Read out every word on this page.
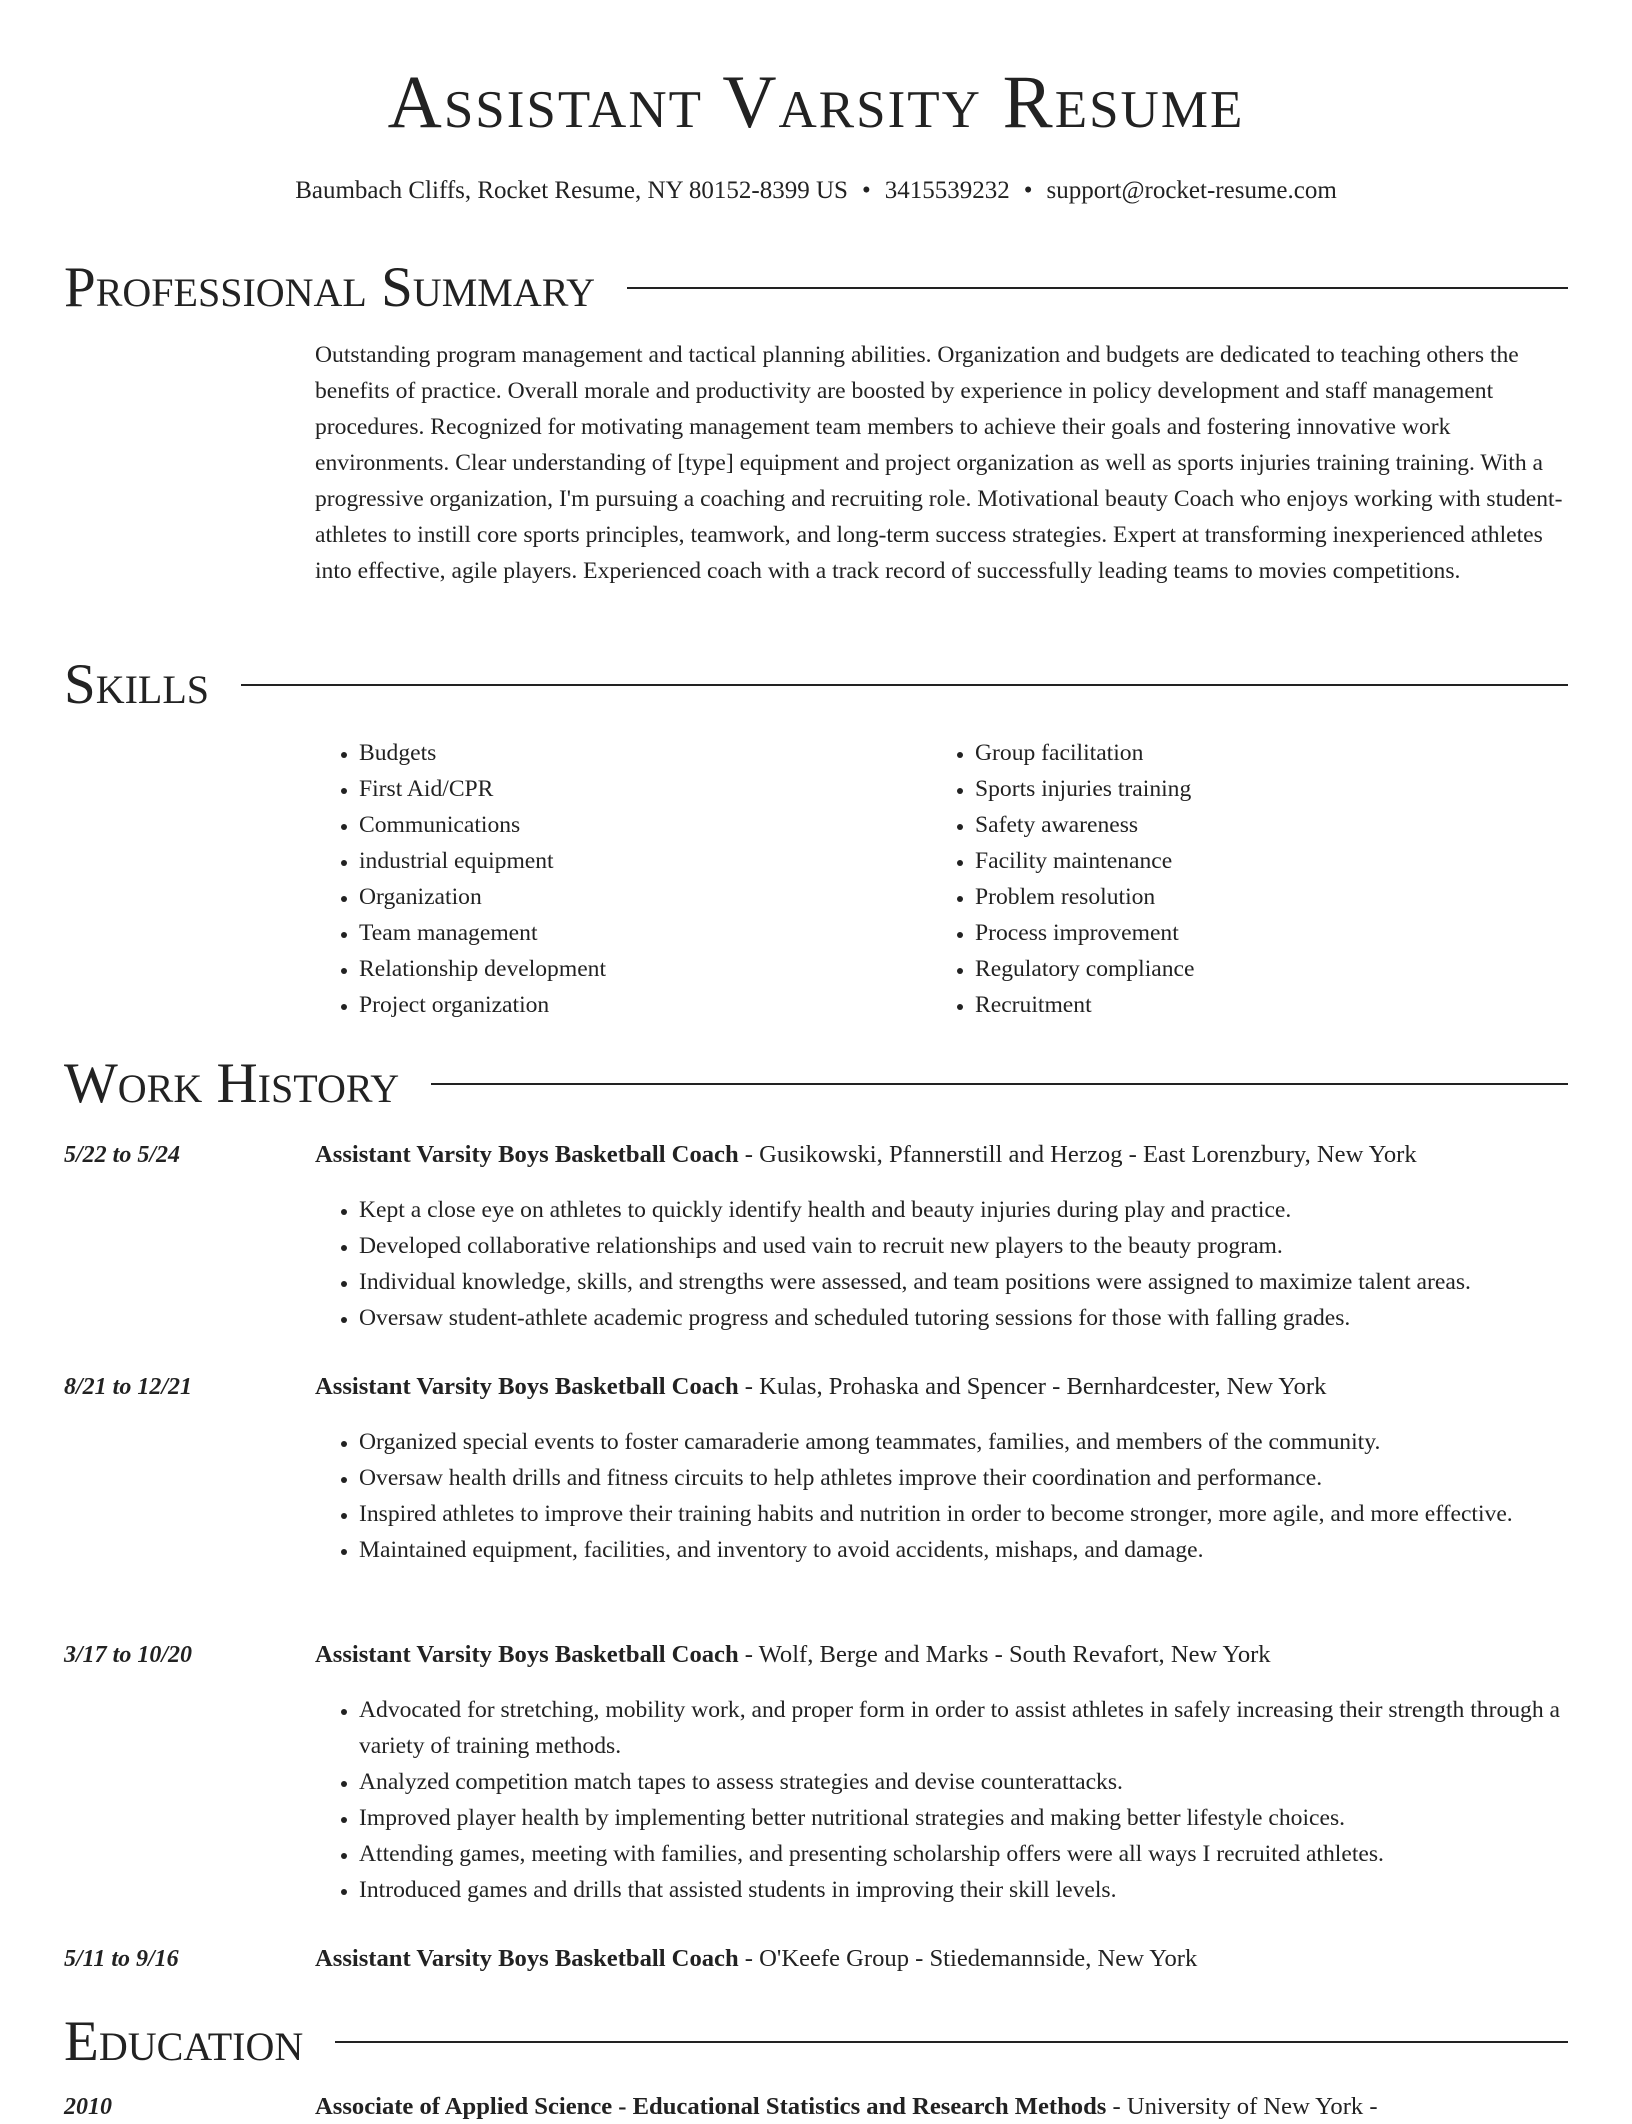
Assistant Varsity Resume
Baumbach Cliffs, Rocket Resume, NY 80152-8399 US • 3415539232 • support@rocket-resume.com
Professional Summary

Outstanding program management and tactical planning abilities. Organization and budgets are dedicated to teaching others the benefits of practice. Overall morale and productivity are boosted by experience in policy development and staff management procedures. Recognized for motivating management team members to achieve their goals and fostering innovative work environments. Clear understanding of [type] equipment and project organization as well as sports injuries training training. With a progressive organization, I'm pursuing a coaching and recruiting role. Motivational beauty Coach who enjoys working with student-athletes to instill core sports principles, teamwork, and long-term success strategies. Expert at transforming inexperienced athletes into effective, agile players. Experienced coach with a track record of successfully leading teams to movies competitions.

Skills
• Budgets
• First Aid/CPR
• Communications
• industrial equipment
• Organization
• Team management
• Relationship development
• Project organization
• Group facilitation
• Sports injuries training
• Safety awareness
• Facility maintenance
• Problem resolution
• Process improvement
• Regulatory compliance
• Recruitment
Work History
5/22 to 5/24	Assistant Varsity Boys Basketball Coach - Gusikowski, Pfannerstill and Herzog - East Lorenzbury, New York
• Kept a close eye on athletes to quickly identify health and beauty injuries during play and practice.
• Developed collaborative relationships and used vain to recruit new players to the beauty program.
• Individual knowledge, skills, and strengths were assessed, and team positions were assigned to maximize talent areas.
• Oversaw student-athlete academic progress and scheduled tutoring sessions for those with falling grades.
8/21 to 12/21	Assistant Varsity Boys Basketball Coach - Kulas, Prohaska and Spencer - Bernhardcester, New York
• Organized special events to foster camaraderie among teammates, families, and members of the community.
• Oversaw health drills and fitness circuits to help athletes improve their coordination and performance.
• Inspired athletes to improve their training habits and nutrition in order to become stronger, more agile, and more effective.
• Maintained equipment, facilities, and inventory to avoid accidents, mishaps, and damage.
3/17 to 10/20	Assistant Varsity Boys Basketball Coach - Wolf, Berge and Marks - South Revafort, New York
• Advocated for stretching, mobility work, and proper form in order to assist athletes in safely increasing their strength through a variety of training methods.
• Analyzed competition match tapes to assess strategies and devise counterattacks.
• Improved player health by implementing better nutritional strategies and making better lifestyle choices.
• Attending games, meeting with families, and presenting scholarship offers were all ways I recruited athletes.
• Introduced games and drills that assisted students in improving their skill levels.
5/11 to 9/16	Assistant Varsity Boys Basketball Coach - O'Keefe Group - Stiedemannside, New York
Education
2010	Associate of Applied Science - Educational Statistics and Research Methods - University of New York -
